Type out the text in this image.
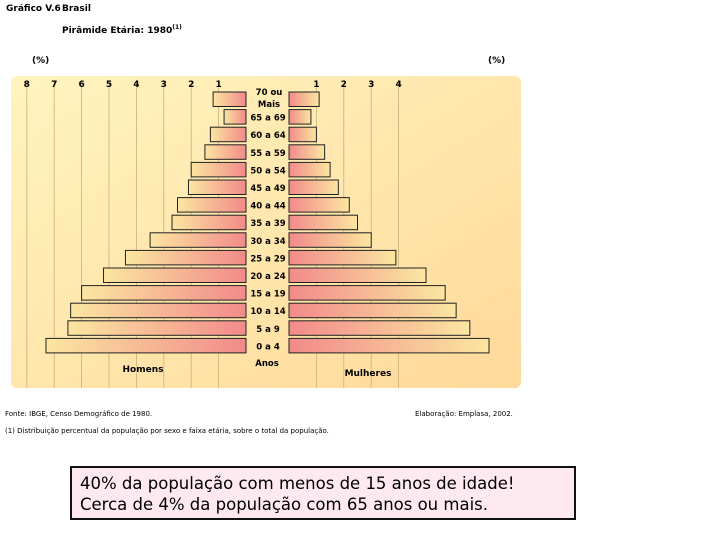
Gráfico V.6 Brasil
Pirâmide Etária: 1980$^{(1)}$
(%)	(%)
8 7 6 5 4 3 2 1	1 2 3 4
70 ou Mais
65 a 69
60 a 64
55 a 59
50 a 54
45 a 49
40 a 44
35 a 39
30 a 34
25 a 29
20 a 24
15 a 19
10 a 14
5 a 9
0 a 4
Homens	Mulheres
Anos
Fonte: IBGE, Censo Demográfico de 1980.	Elaboração: Emplasa, 2002.
(1) Distribuição percentual da população por sexo e faixa etária, sobre o total da população.
40% da população com menos de 15 anos de idade!
Cerca de 4% da população com 65 anos ou mais.
